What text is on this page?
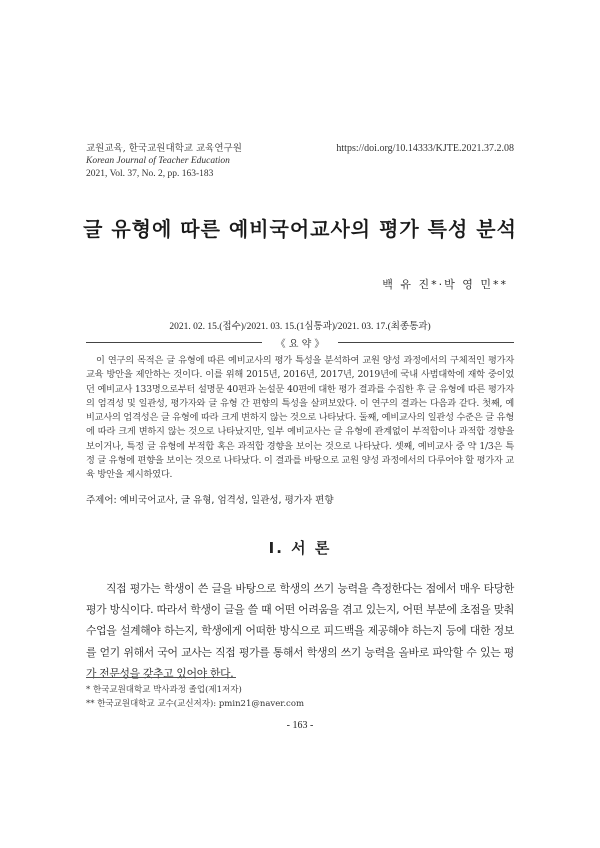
교원교육, 한국교원대학교 교육연구원
Korean Journal of Teacher Education
2021, Vol. 37, No. 2, pp. 163-183
https://doi.org/10.14333/KJTE.2021.37.2.08
글 유형에 따른 예비국어교사의 평가 특성 분석
백 유 진*·박 영 민**
2021. 02. 15.(접수)/2021. 03. 15.(1심통과)/2021. 03. 17.(최종통과)
《 요 약 》
이 연구의 목적은 글 유형에 따른 예비교사의 평가 특성을 분석하여 교원 양성 과정에서의 구체적인 평가자 교육 방안을 제안하는 것이다. 이를 위해 2015년, 2016년, 2017년, 2019년에 국내 사범대학에 재학 중이었던 예비교사 133명으로부터 설명문 40편과 논설문 40편에 대한 평가 결과를 수집한 후 글 유형에 따른 평가자의 엄격성 및 일관성, 평가자와 글 유형 간 편향의 특성을 살펴보았다. 이 연구의 결과는 다음과 같다. 첫째, 예비교사의 엄격성은 글 유형에 따라 크게 변하지 않는 것으로 나타났다. 둘째, 예비교사의 일관성 수준은 글 유형에 따라 크게 변하지 않는 것으로 나타났지만, 일부 예비교사는 글 유형에 관계없이 부적합이나 과적합 경향을 보이거나, 특정 글 유형에 부적합 혹은 과적합 경향을 보이는 것으로 나타났다. 셋째, 예비교사 중 약 1/3은 특정 글 유형에 편향을 보이는 것으로 나타났다. 이 결과를 바탕으로 교원 양성 과정에서의 다루어야 할 평가자 교육 방안을 제시하였다.
주제어: 예비국어교사, 글 유형, 엄격성, 일관성, 평가자 편향
Ⅰ. 서 론
직접 평가는 학생이 쓴 글을 바탕으로 학생의 쓰기 능력을 측정한다는 점에서 매우 타당한 평가 방식이다. 따라서 학생이 글을 쓸 때 어떤 어려움을 겪고 있는지, 어떤 부분에 초점을 맞춰 수업을 설계해야 하는지, 학생에게 어떠한 방식으로 피드백을 제공해야 하는지 등에 대한 정보를 얻기 위해서 국어 교사는 직접 평가를 통해서 학생의 쓰기 능력을 올바로 파악할 수 있는 평가 전문성을 갖추고 있어야 한다.
* 한국교원대학교 박사과정 졸업(제1저자)
** 한국교원대학교 교수(교신저자): pmin21@naver.com
- 163 -
